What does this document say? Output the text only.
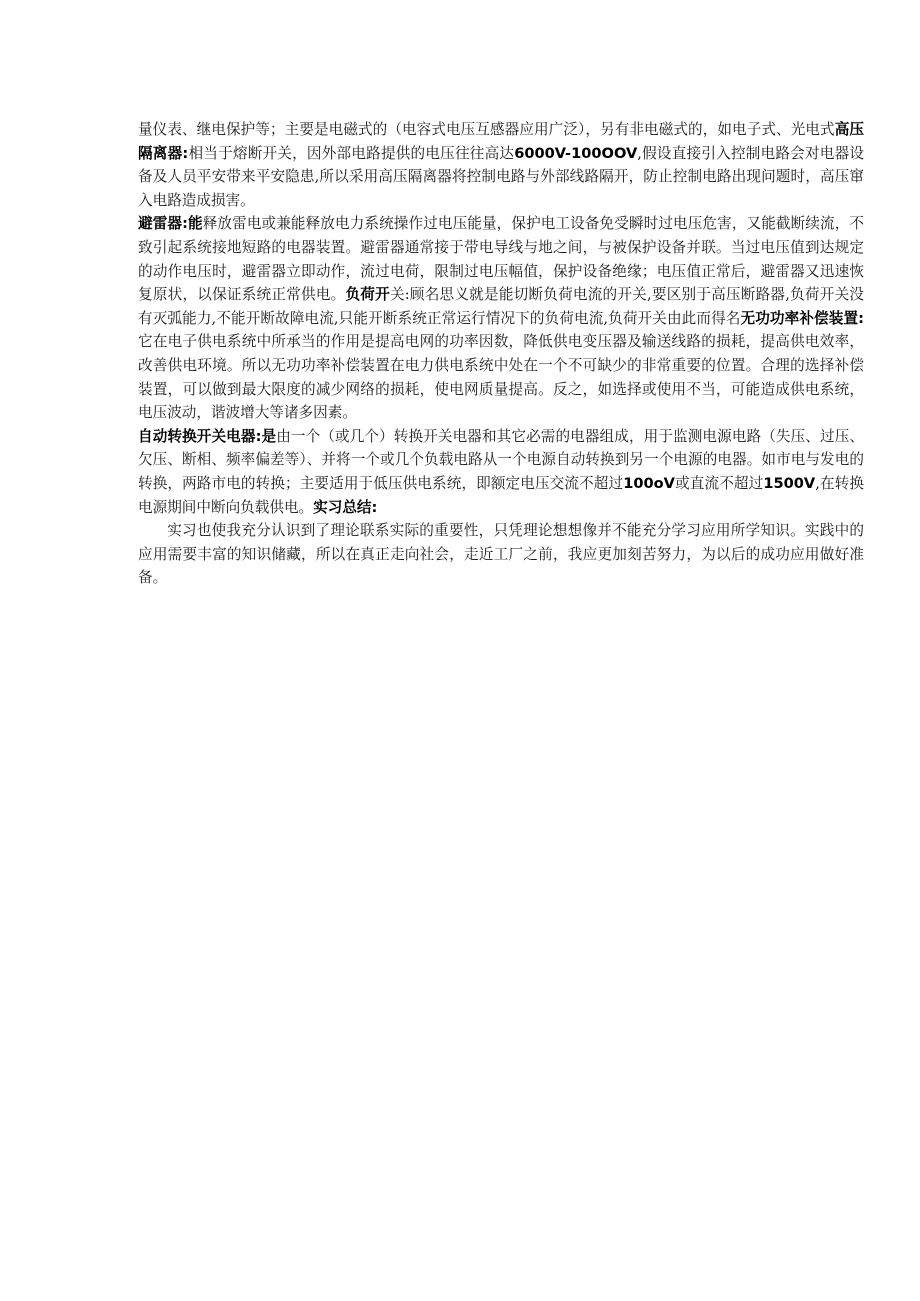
量仪表、继电保护等；主要是电磁式的（电容式电压互感器应用广泛），另有非电磁式的，如电子式、光电式高压隔离器:相当于熔断开关，因外部电路提供的电压往往高达6000V-100OOV,假设直接引入控制电路会对电器设备及人员平安带来平安隐患,所以采用高压隔离器将控制电路与外部线路隔开，防止控制电路出现问题时，高压窜入电路造成损害。

避雷器:能释放雷电或兼能释放电力系统操作过电压能量，保护电工设备免受瞬时过电压危害，又能截断续流，不致引起系统接地短路的电器装置。避雷器通常接于带电导线与地之间，与被保护设备并联。当过电压值到达规定的动作电压时，避雷器立即动作，流过电荷，限制过电压幅值，保护设备绝缘；电压值正常后，避雷器又迅速恢复原状，以保证系统正常供电。负荷开关:顾名思义就是能切断负荷电流的开关,要区别于高压断路器,负荷开关没有灭弧能力,不能开断故障电流,只能开断系统正常运行情况下的负荷电流,负荷开关由此而得名无功功率补偿装置:它在电子供电系统中所承当的作用是提高电网的功率因数，降低供电变压器及输送线路的损耗，提高供电效率，改善供电环境。所以无功功率补偿装置在电力供电系统中处在一个不可缺少的非常重要的位置。合理的选择补偿装置，可以做到最大限度的减少网络的损耗，使电网质量提高。反之，如选择或使用不当，可能造成供电系统，电压波动，谐波增大等诸多因素。

自动转换开关电器:是由一个（或几个）转换开关电器和其它必需的电器组成，用于监测电源电路（失压、过压、欠压、断相、频率偏差等）、并将一个或几个负载电路从一个电源自动转换到另一个电源的电器。如市电与发电的转换，两路市电的转换；主要适用于低压供电系统，即额定电压交流不超过100oV或直流不超过1500V,在转换电源期间中断向负载供电。实习总结:

实习也使我充分认识到了理论联系实际的重要性，只凭理论想想像并不能充分学习应用所学知识。实践中的应用需要丰富的知识储藏，所以在真正走向社会，走近工厂之前，我应更加刻苦努力，为以后的成功应用做好准备。
